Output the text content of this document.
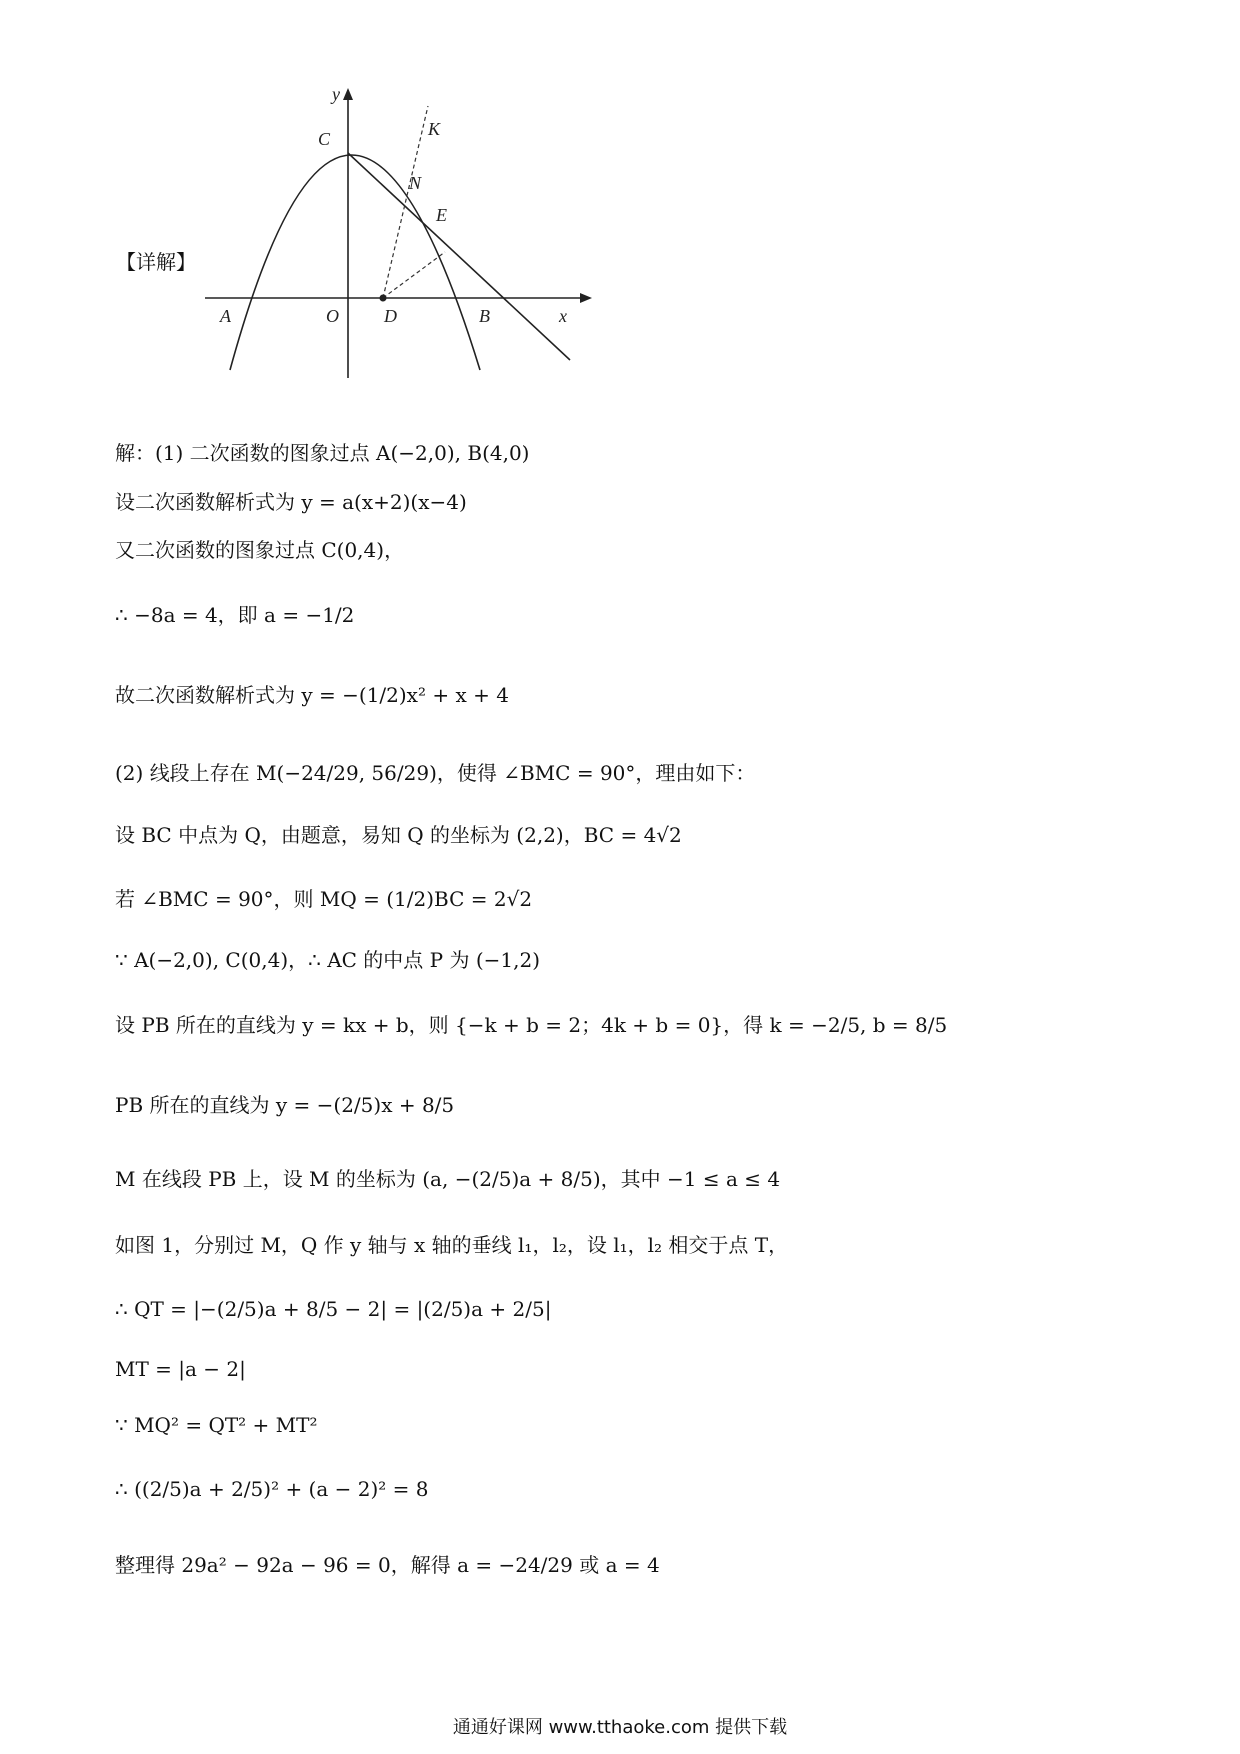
【详解】
y
C	K
N
E
A	O	D	B	x
解：(1) 二次函数的图象过点 A(−2,0), B(4,0)
设二次函数解析式为 y = a(x+2)(x−4)
又二次函数的图象过点 C(0,4)，
∴ −8a = 4，即 a = −1/2
故二次函数解析式为 y = −(1/2)x² + x + 4
(2) 线段上存在 M(−24/29, 56/29)，使得 ∠BMC = 90°，理由如下：
设 BC 中点为 Q，由题意，易知 Q 的坐标为 (2,2)，BC = 4√2
若 ∠BMC = 90°，则 MQ = (1/2)BC = 2√2
∵ A(−2,0), C(0,4)，∴ AC 的中点 P 为 (−1,2)
设 PB 所在的直线为 y = kx + b，则 {−k + b = 2；4k + b = 0}，得 k = −2/5, b = 8/5
PB 所在的直线为 y = −(2/5)x + 8/5
M 在线段 PB 上，设 M 的坐标为 (a, −(2/5)a + 8/5)，其中 −1 ≤ a ≤ 4
如图 1，分别过 M，Q 作 y 轴与 x 轴的垂线 l₁，l₂，设 l₁，l₂ 相交于点 T，
∴ QT = |−(2/5)a + 8/5 − 2| = |(2/5)a + 2/5|
MT = |a − 2|
∵ MQ² = QT² + MT²
∴ ((2/5)a + 2/5)² + (a − 2)² = 8
整理得 29a² − 92a − 96 = 0，解得 a = −24/29 或 a = 4
通通好课网 www.tthaoke.com 提供下载
